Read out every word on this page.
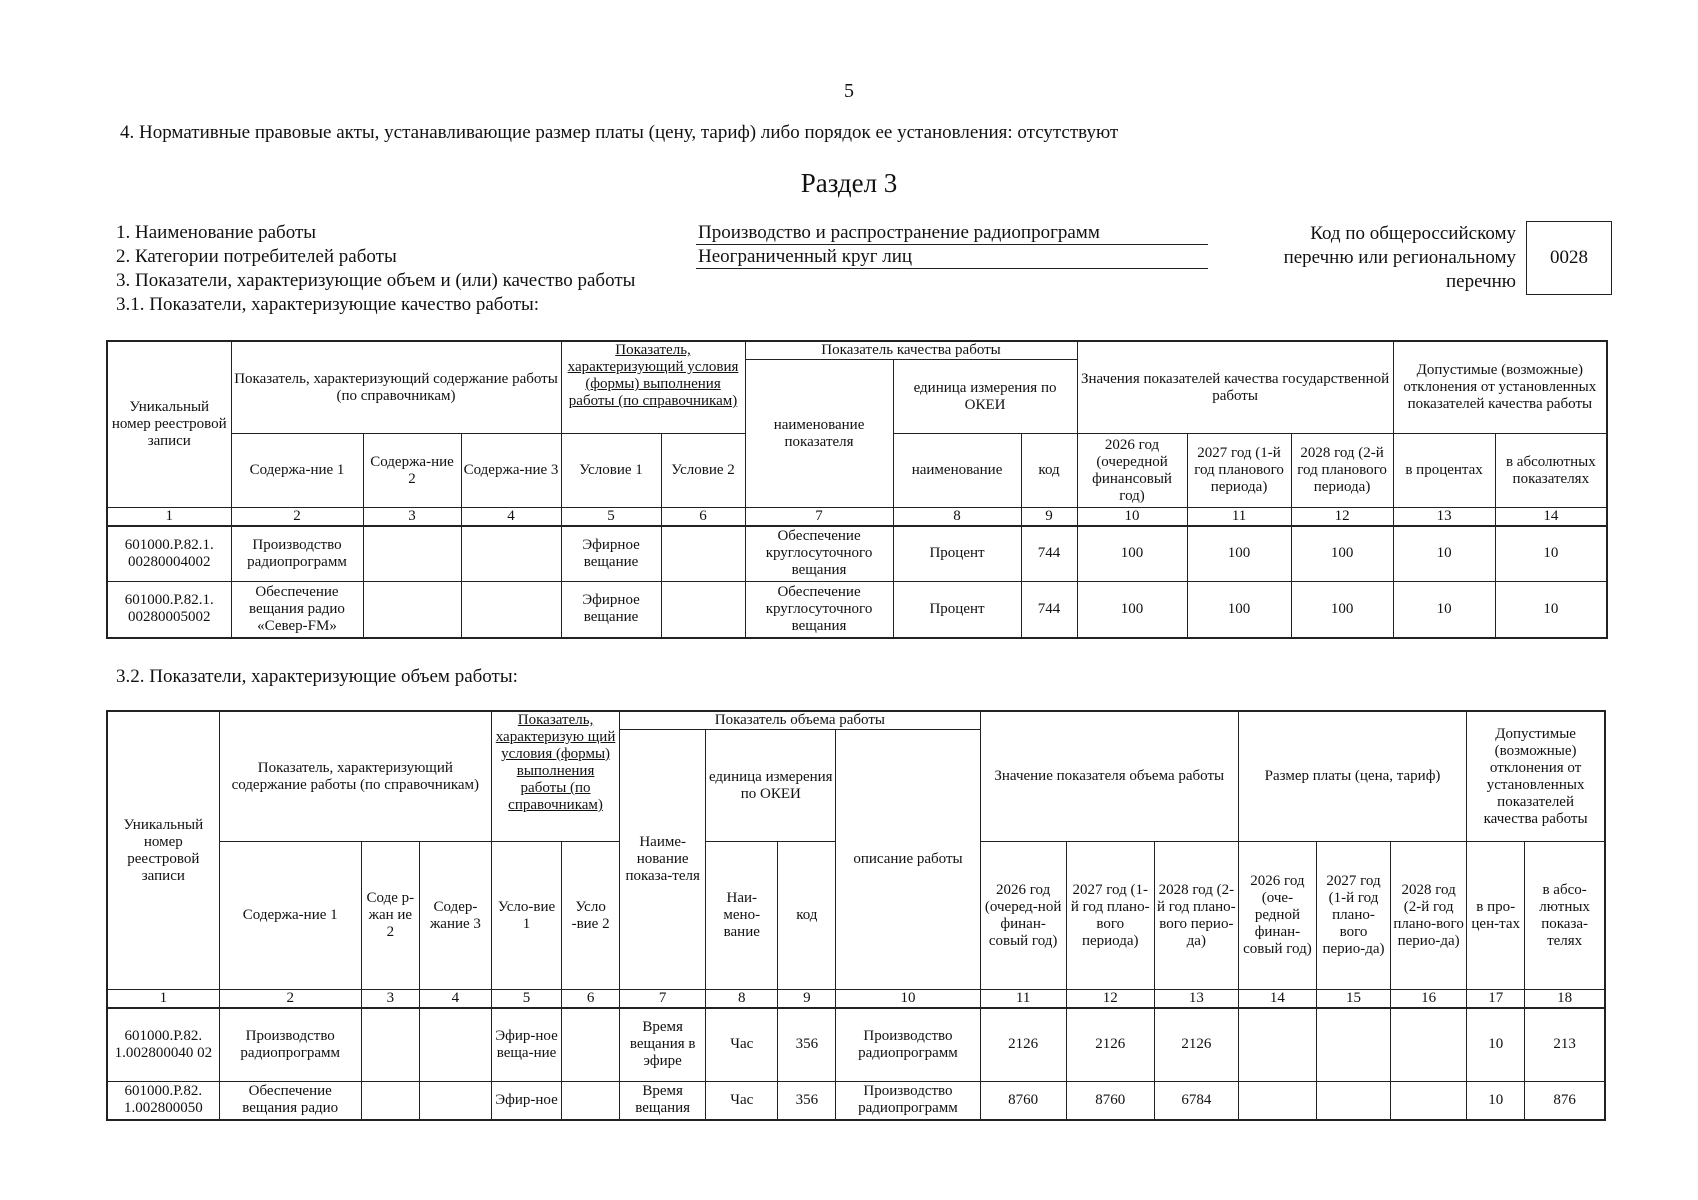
5
4. Нормативные правовые акты, устанавливающие размер платы (цену, тариф) либо порядок ее установления: отсутствуют
Раздел 3
1. Наименование работы	Производство и распространение радиопрограмм
2. Категории потребителей работы	Неограниченный круг лиц
3. Показатели, характеризующие объем и (или) качество работы
3.1. Показатели, характеризующие качество работы:
Код по общероссийскому
перечню или региональному
перечню
0028
Уникальный номер реестровой записи	Показатель, характеризующий содержание работы (по справочникам)			Показатель, характеризующий условия (формы) выполнения работы (по справочникам)		Показатель качества работы			Значения показателей качества государственной работы			Допустимые (возможные) отклонения от установленных показателей качества работы	
						наименование показателя	единица измерения по ОКЕИ						
	Содержа-ние 1	Содержа-ние 2	Содержа-ние 3	Условие 1	Условие 2		наименование	код	2026 год (очередной финансовый год)	2027 год (1-й год планового периода)	2028 год (2-й год планового периода)	в процентах	в абсолютных показателях
1	2	3	4	5	6	7	8	9	10	11	12	13	14
601000.Р.82.1. 00280004002	Производство радиопрограмм			Эфирное вещание		Обеспечение круглосуточного вещания	Процент	744	100	100	100	10	10
601000.Р.82.1. 00280005002	Обеспечение вещания радио «Север-FM»			Эфирное вещание		Обеспечение круглосуточного вещания	Процент	744	100	100	100	10	10
3.2. Показатели, характеризующие объем работы:
Уникальный номер реестровой записи	Показатель, характеризующий содержание работы (по справочникам)			Показатель, характеризую щий условия (формы) выполнения работы (по справочникам)		Показатель объема работы				Значение показателя объема работы			Размер платы (цена, тариф)			Допустимые (возможные) отклонения от установленных показателей качества работы	
						Наиме-нование показа-теля	единица измерения по ОКЕИ		описание работы								
	Содержа-ние 1	Соде р-жан ие 2	Содер-жание 3	Усло-вие 1	Усло -вие 2		Наи-мено-вание	код		2026 год (очеред-ной финан-совый год)	2027 год (1-й год плано-вого периода)	2028 год (2-й год плано-вого перио-да)	2026 год (оче-редной финан-совый год)	2027 год (1-й год плано-вого перио-да)	2028 год (2-й год плано-вого перио-да)	в про-цен-тах	в абсо-лютных показа-телях
1	2	3	4	5	6	7	8	9	10	11	12	13	14	15	16	17	18
601000.Р.82. 1.002800040 02	Производство радиопрограмм			Эфир-ное веща-ние		Время вещания в эфире	Час	356	Производство радиопрограмм	2126	2126	2126				10	213
601000.Р.82. 1.002800050	Обеспечение вещания радио			Эфир-ное		Время вещания	Час	356	Производство радиопрограмм	8760	8760	6784				10	876
